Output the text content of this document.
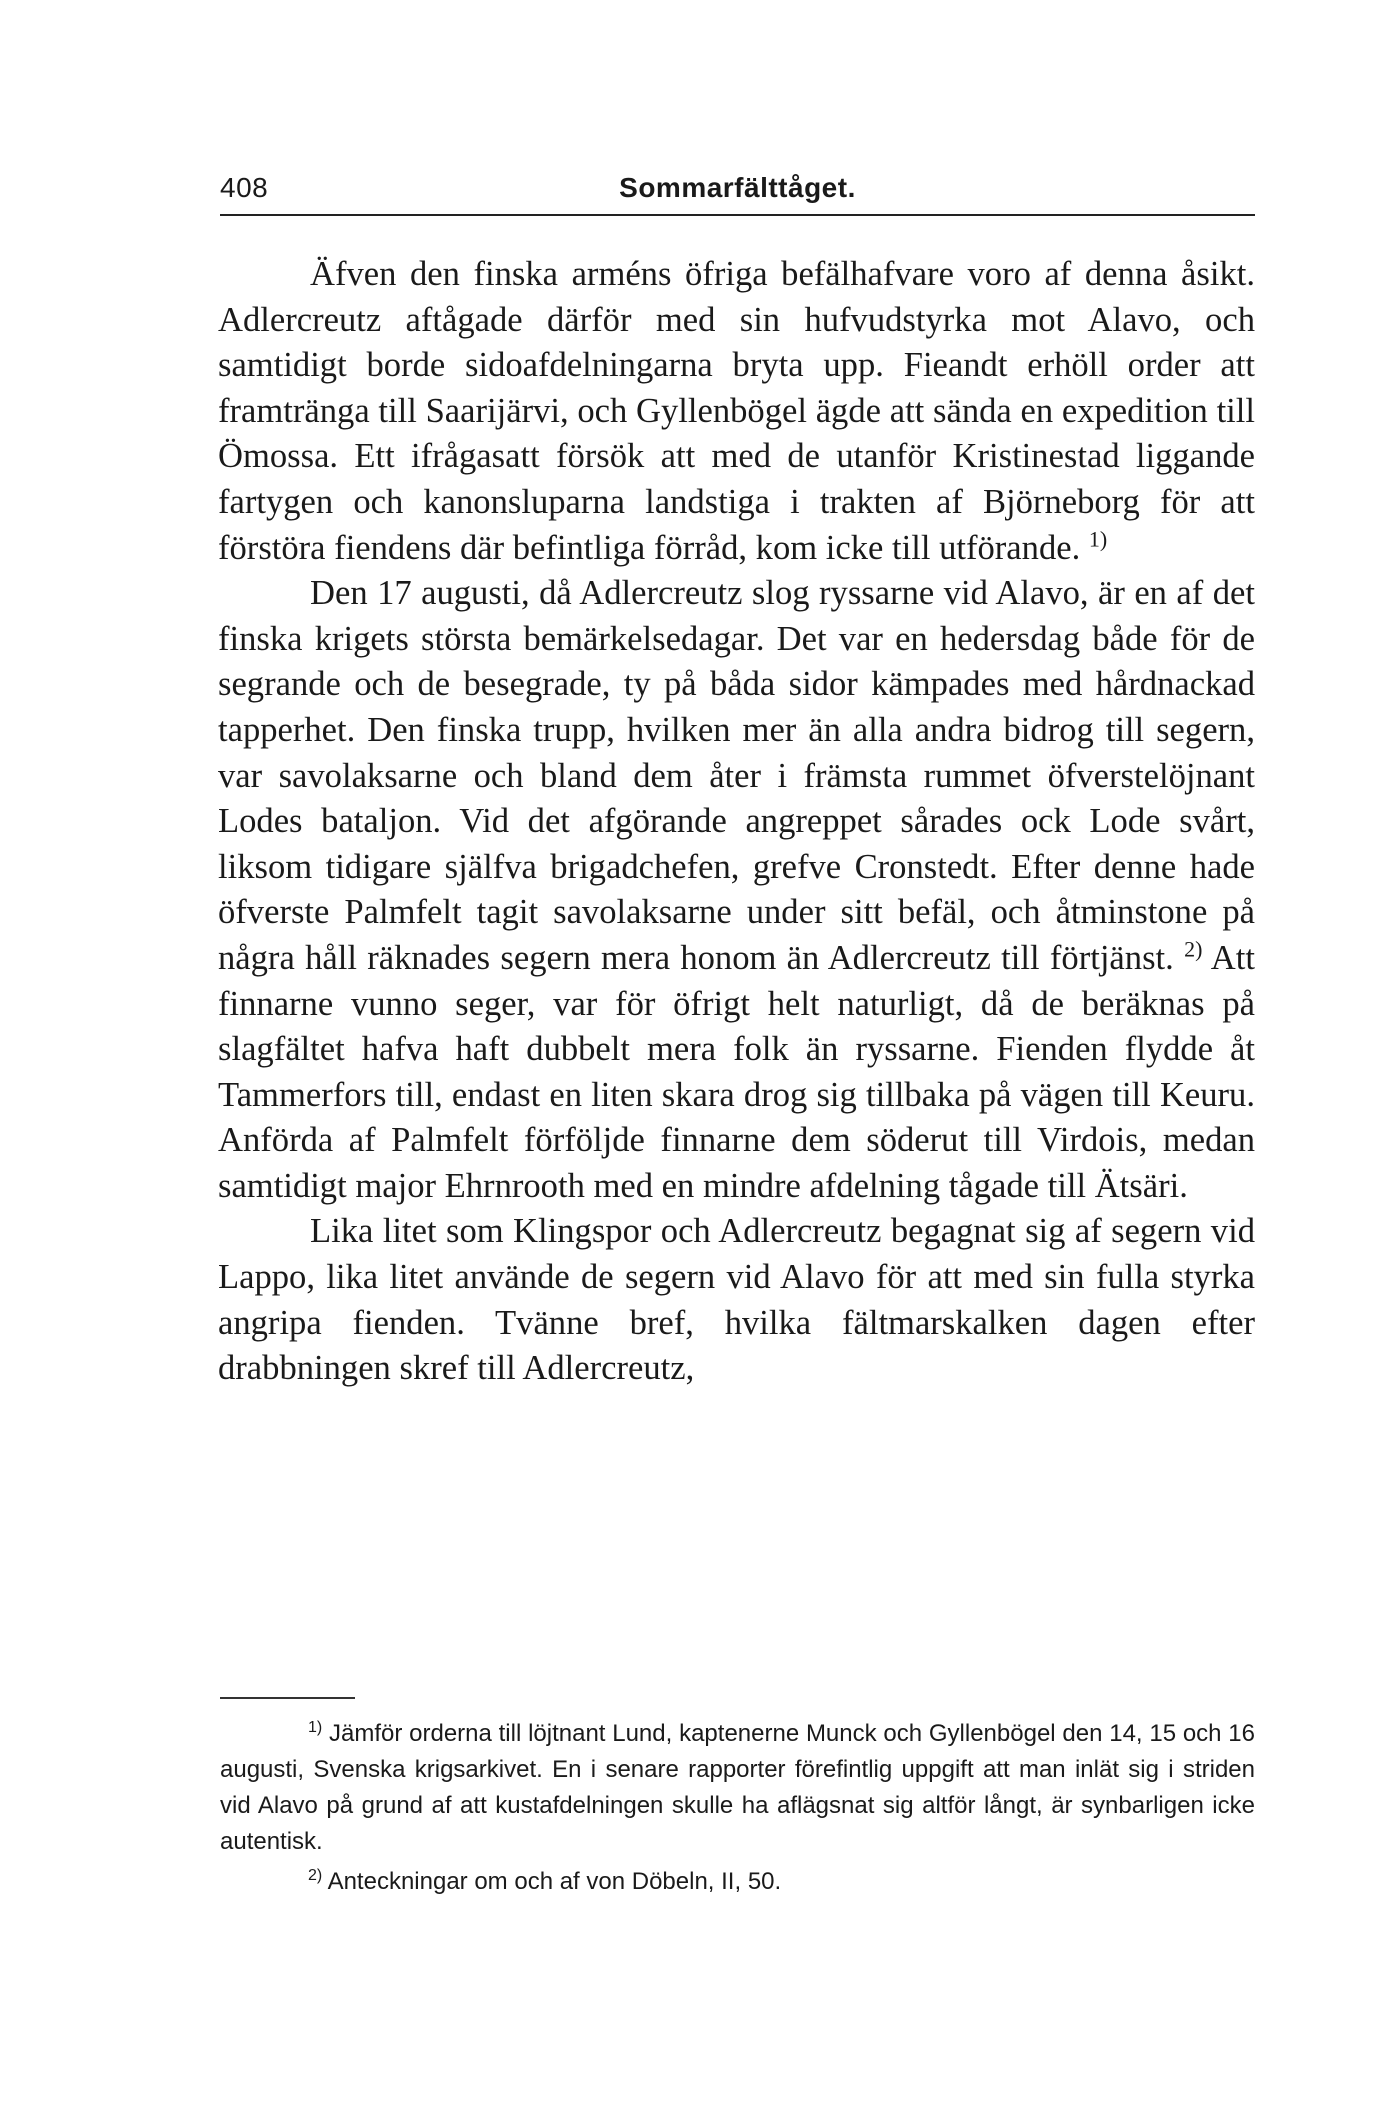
408	Sommarfälttåget.

Äfven den finska arméns öfriga befälhafvare voro af denna åsikt. Adlercreutz aftågade därför med sin hufvudstyrka mot Alavo, och samtidigt borde sidoafdelningarna bryta upp. Fieandt erhöll order att framtränga till Saarijärvi, och Gyllenbögel ägde att sända en expedition till Ömossa. Ett ifrågasatt försök att med de utanför Kristinestad liggande fartygen och kanonsluparna landstiga i trakten af Björneborg för att förstöra fiendens där befintliga förråd, kom icke till utförande. $^{1)}$

Den 17 augusti, då Adlercreutz slog ryssarne vid Alavo, är en af det finska krigets största bemärkelsedagar. Det var en hedersdag både för de segrande och de besegrade, ty på båda sidor kämpades med hårdnackad tapperhet. Den finska trupp, hvilken mer än alla andra bidrog till segern, var savolaksarne och bland dem åter i främsta rummet öfverstelöjnant Lodes bataljon. Vid det afgörande angreppet sårades ock Lode svårt, liksom tidigare själfva brigadchefen, grefve Cronstedt. Efter denne hade öfverste Palmfelt tagit savolaksarne under sitt befäl, och åtminstone på några håll räknades segern mera honom än Adlercreutz till förtjänst. $^{2)}$ Att finnarne vunno seger, var för öfrigt helt naturligt, då de beräknas på slagfältet hafva haft dubbelt mera folk än ryssarne. Fienden flydde åt Tammerfors till, endast en liten skara drog sig tillbaka på vägen till Keuru. Anförda af Palmfelt förföljde finnarne dem söderut till Virdois, medan samtidigt major Ehrnrooth med en mindre afdelning tågade till Ätsäri.

Lika litet som Klingspor och Adlercreutz begagnat sig af segern vid Lappo, lika litet använde de segern vid Alavo för att med sin fulla styrka angripa fienden. Tvänne bref, hvilka fältmarskalken dagen efter drabbningen skref till Adlercreutz,

$^{1)}$ Jämför orderna till löjtnant Lund, kaptenerne Munck och Gyllenbögel den 14, 15 och 16 augusti, Svenska krigsarkivet. En i senare rapporter förefintlig uppgift att man inlät sig i striden vid Alavo på grund af att kustafdelningen skulle ha aflägsnat sig altför långt, är synbarligen icke autentisk.

$^{2)}$ Anteckningar om och af von Döbeln, II, 50.
